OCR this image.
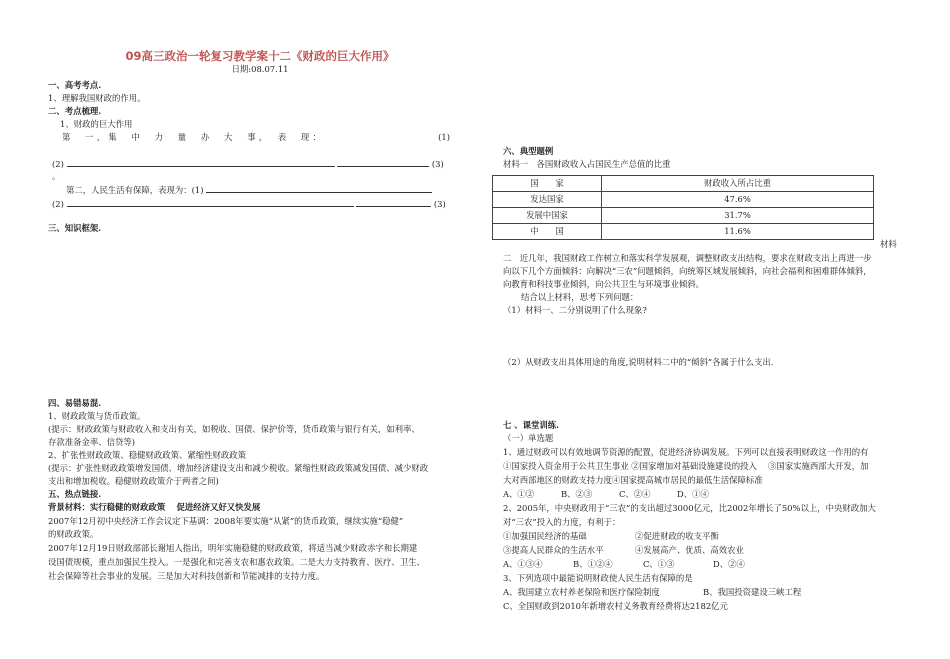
09高三政治一轮复习教学案十二《财政的巨大作用》
日期:08.07.11
一、高考考点.
1、理解我国财政的作用。
二、考点梳理.
1、财政的巨大作用
第　一，集　中　力　量　办　大　事，　表　现：	(1)
(2)	(3)
。
第二，人民生活有保障，表现为：(1)
(2)	(3)
三、知识框架.
四、易错易混.
1、财政政策与货币政策。
(提示：财政政策与财政收入和支出有关，如税收、国债、保护价等，货币政策与银行有关，如利率、
存款准备金率、信贷等)
2、扩张性财政政策、稳健财政政策、紧缩性财政政策
(提示：扩张性财政政策增发国债、增加经济建设支出和减少税收。紧缩性财政政策减发国债、减少财政
支出和增加税收。稳健财政政策介于两者之间)
五、热点链接.
背景材料：实行稳健的财政政策　 促进经济又好又快发展
2007年12月初中央经济工作会议定下基调：2008年要实施“从紧”的货币政策，继续实施“稳健”
的财政政策。
2007年12月19日财政部部长谢旭人指出，明年实施稳健的财政政策，将适当减少财政赤字和长期建
设国债规模，重点加强民生投入。一是强化和完善支农和惠农政策。二是大力支持教育、医疗、卫生、
社会保障等社会事业的发展。三是加大对科技创新和节能减排的支持力度。
六、典型题例
材料一　各国财政收入占国民生产总值的比重
国　　家	财政收入所占比重
发达国家	47.6%
发展中国家	31.7%
中　　国	11.6%
材料
二　近几年，我国财政工作树立和落实科学发展观，调整财政支出结构，要求在财政支出上再进一步
向以下几个方面倾斜：向解决“三农”问题倾斜，向统筹区域发展倾斜，向社会福利和困难群体倾斜，
向教育和科技事业倾斜，向公共卫生与环境事业倾斜。
结合以上材料，思考下列问题：
（1）材料一、二分别说明了什么现象?
（2）从财政支出具体用途的角度,说明材料二中的“倾斜”各属于什么支出.
七 、课堂训练.
（一）单选题
1、通过财政可以有效地调节资源的配置，促进经济协调发展。下列可以直接表明财政这一作用的有
①国家投入资金用于公共卫生事业 ②国家增加对基础设施建设的投入　 ③国家实施西部大开发，加
大对西部地区的财政支持力度④国家提高城市居民的最低生活保障标准
A、①②	B、②③	C、②④	D、①④
2、2005年，中央财政用于“三农”的支出超过3000亿元，比2002年增长了50%以上，中央财政加大
对“三农”投入的力度，有利于：
①加强国民经济的基础	②促进财政的收支平衡
③提高人民群众的生活水平	④发展高产、优质、高效农业
A、①③④	B、①②④	C、①③	D、②④
3、下列选项中最能说明财政使人民生活有保障的是
A、我国建立农村养老保险和医疗保险制度	B、我国投资建设三峡工程
C、全国财政到2010年新增农村义务教育经费将达2182亿元
